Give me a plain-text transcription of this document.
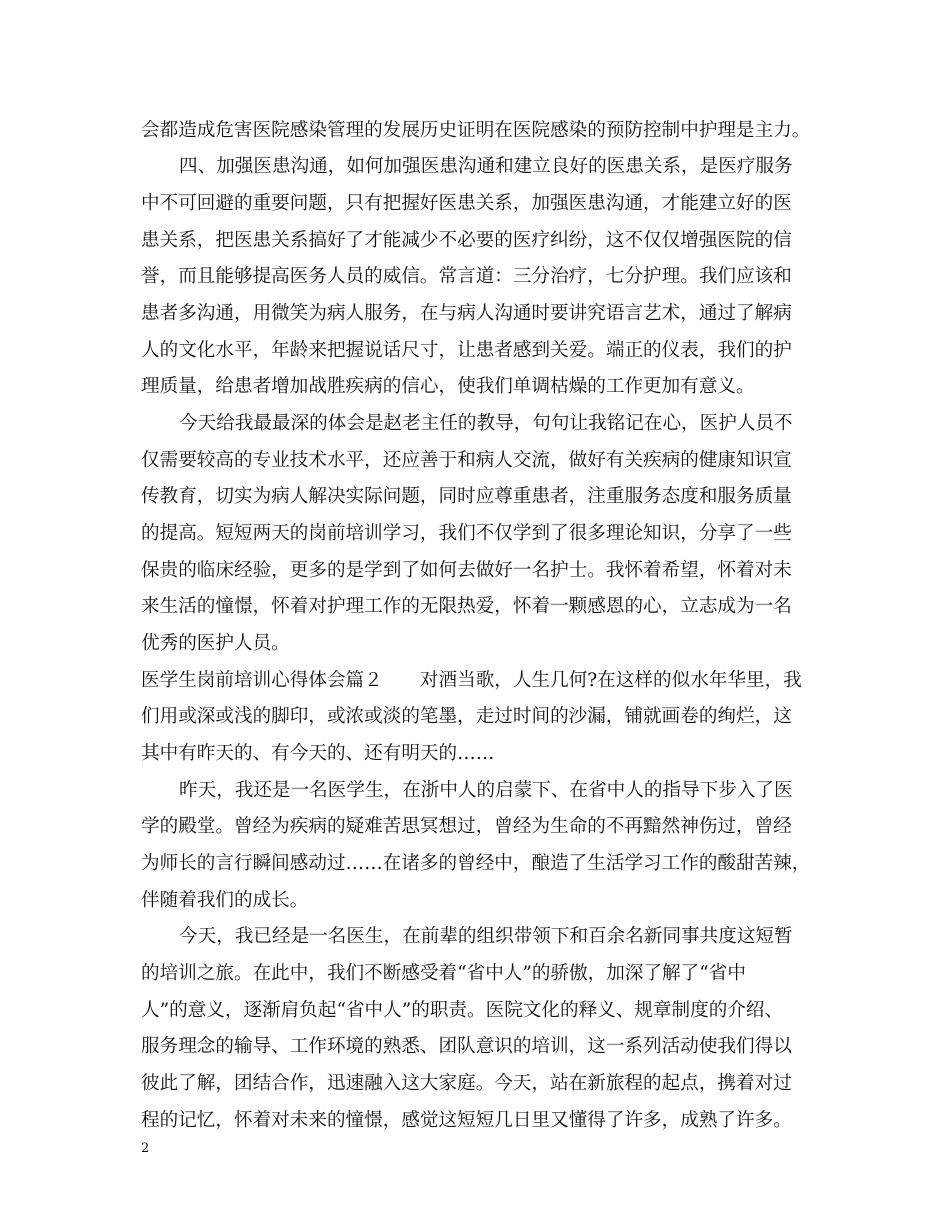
会都造成危害医院感染管理的发展历史证明在医院感染的预防控制中护理是主力。
四、加强医患沟通，如何加强医患沟通和建立良好的医患关系，是医疗服务
中不可回避的重要问题，只有把握好医患关系，加强医患沟通，才能建立好的医
患关系，把医患关系搞好了才能减少不必要的医疗纠纷，这不仅仅增强医院的信
誉，而且能够提高医务人员的威信。常言道：三分治疗，七分护理。我们应该和
患者多沟通，用微笑为病人服务，在与病人沟通时要讲究语言艺术，通过了解病
人的文化水平，年龄来把握说话尺寸，让患者感到关爱。端正的仪表，我们的护
理质量，给患者增加战胜疾病的信心，使我们单调枯燥的工作更加有意义。
今天给我最最深的体会是赵老主任的教导，句句让我铭记在心，医护人员不
仅需要较高的专业技术水平，还应善于和病人交流，做好有关疾病的健康知识宣
传教育，切实为病人解决实际问题，同时应尊重患者，注重服务态度和服务质量
的提高。短短两天的岗前培训学习，我们不仅学到了很多理论知识，分享了一些
保贵的临床经验，更多的是学到了如何去做好一名护士。我怀着希望，怀着对未
来生活的憧憬，怀着对护理工作的无限热爱，怀着一颗感恩的心，立志成为一名
优秀的医护人员。
医学生岗前培训心得体会篇２　　对酒当歌，人生几何?在这样的似水年华里，我
们用或深或浅的脚印，或浓或淡的笔墨，走过时间的沙漏，铺就画卷的绚烂，这
其中有昨天的、有今天的、还有明天的……
昨天，我还是一名医学生，在浙中人的启蒙下、在省中人的指导下步入了医
学的殿堂。曾经为疾病的疑难苦思冥想过，曾经为生命的不再黯然神伤过，曾经
为师长的言行瞬间感动过……在诸多的曾经中，酿造了生活学习工作的酸甜苦辣，
伴随着我们的成长。
今天，我已经是一名医生，在前辈的组织带领下和百余名新同事共度这短暂
的培训之旅。在此中，我们不断感受着“省中人”的骄傲，加深了解了“省中
人”的意义，逐渐肩负起“省中人”的职责。医院文化的释义、规章制度的介绍、
服务理念的输导、工作环境的熟悉、团队意识的培训，这一系列活动使我们得以
彼此了解，团结合作，迅速融入这大家庭。今天，站在新旅程的起点，携着对过
程的记忆，怀着对未来的憧憬，感觉这短短几日里又懂得了许多，成熟了许多。
2
